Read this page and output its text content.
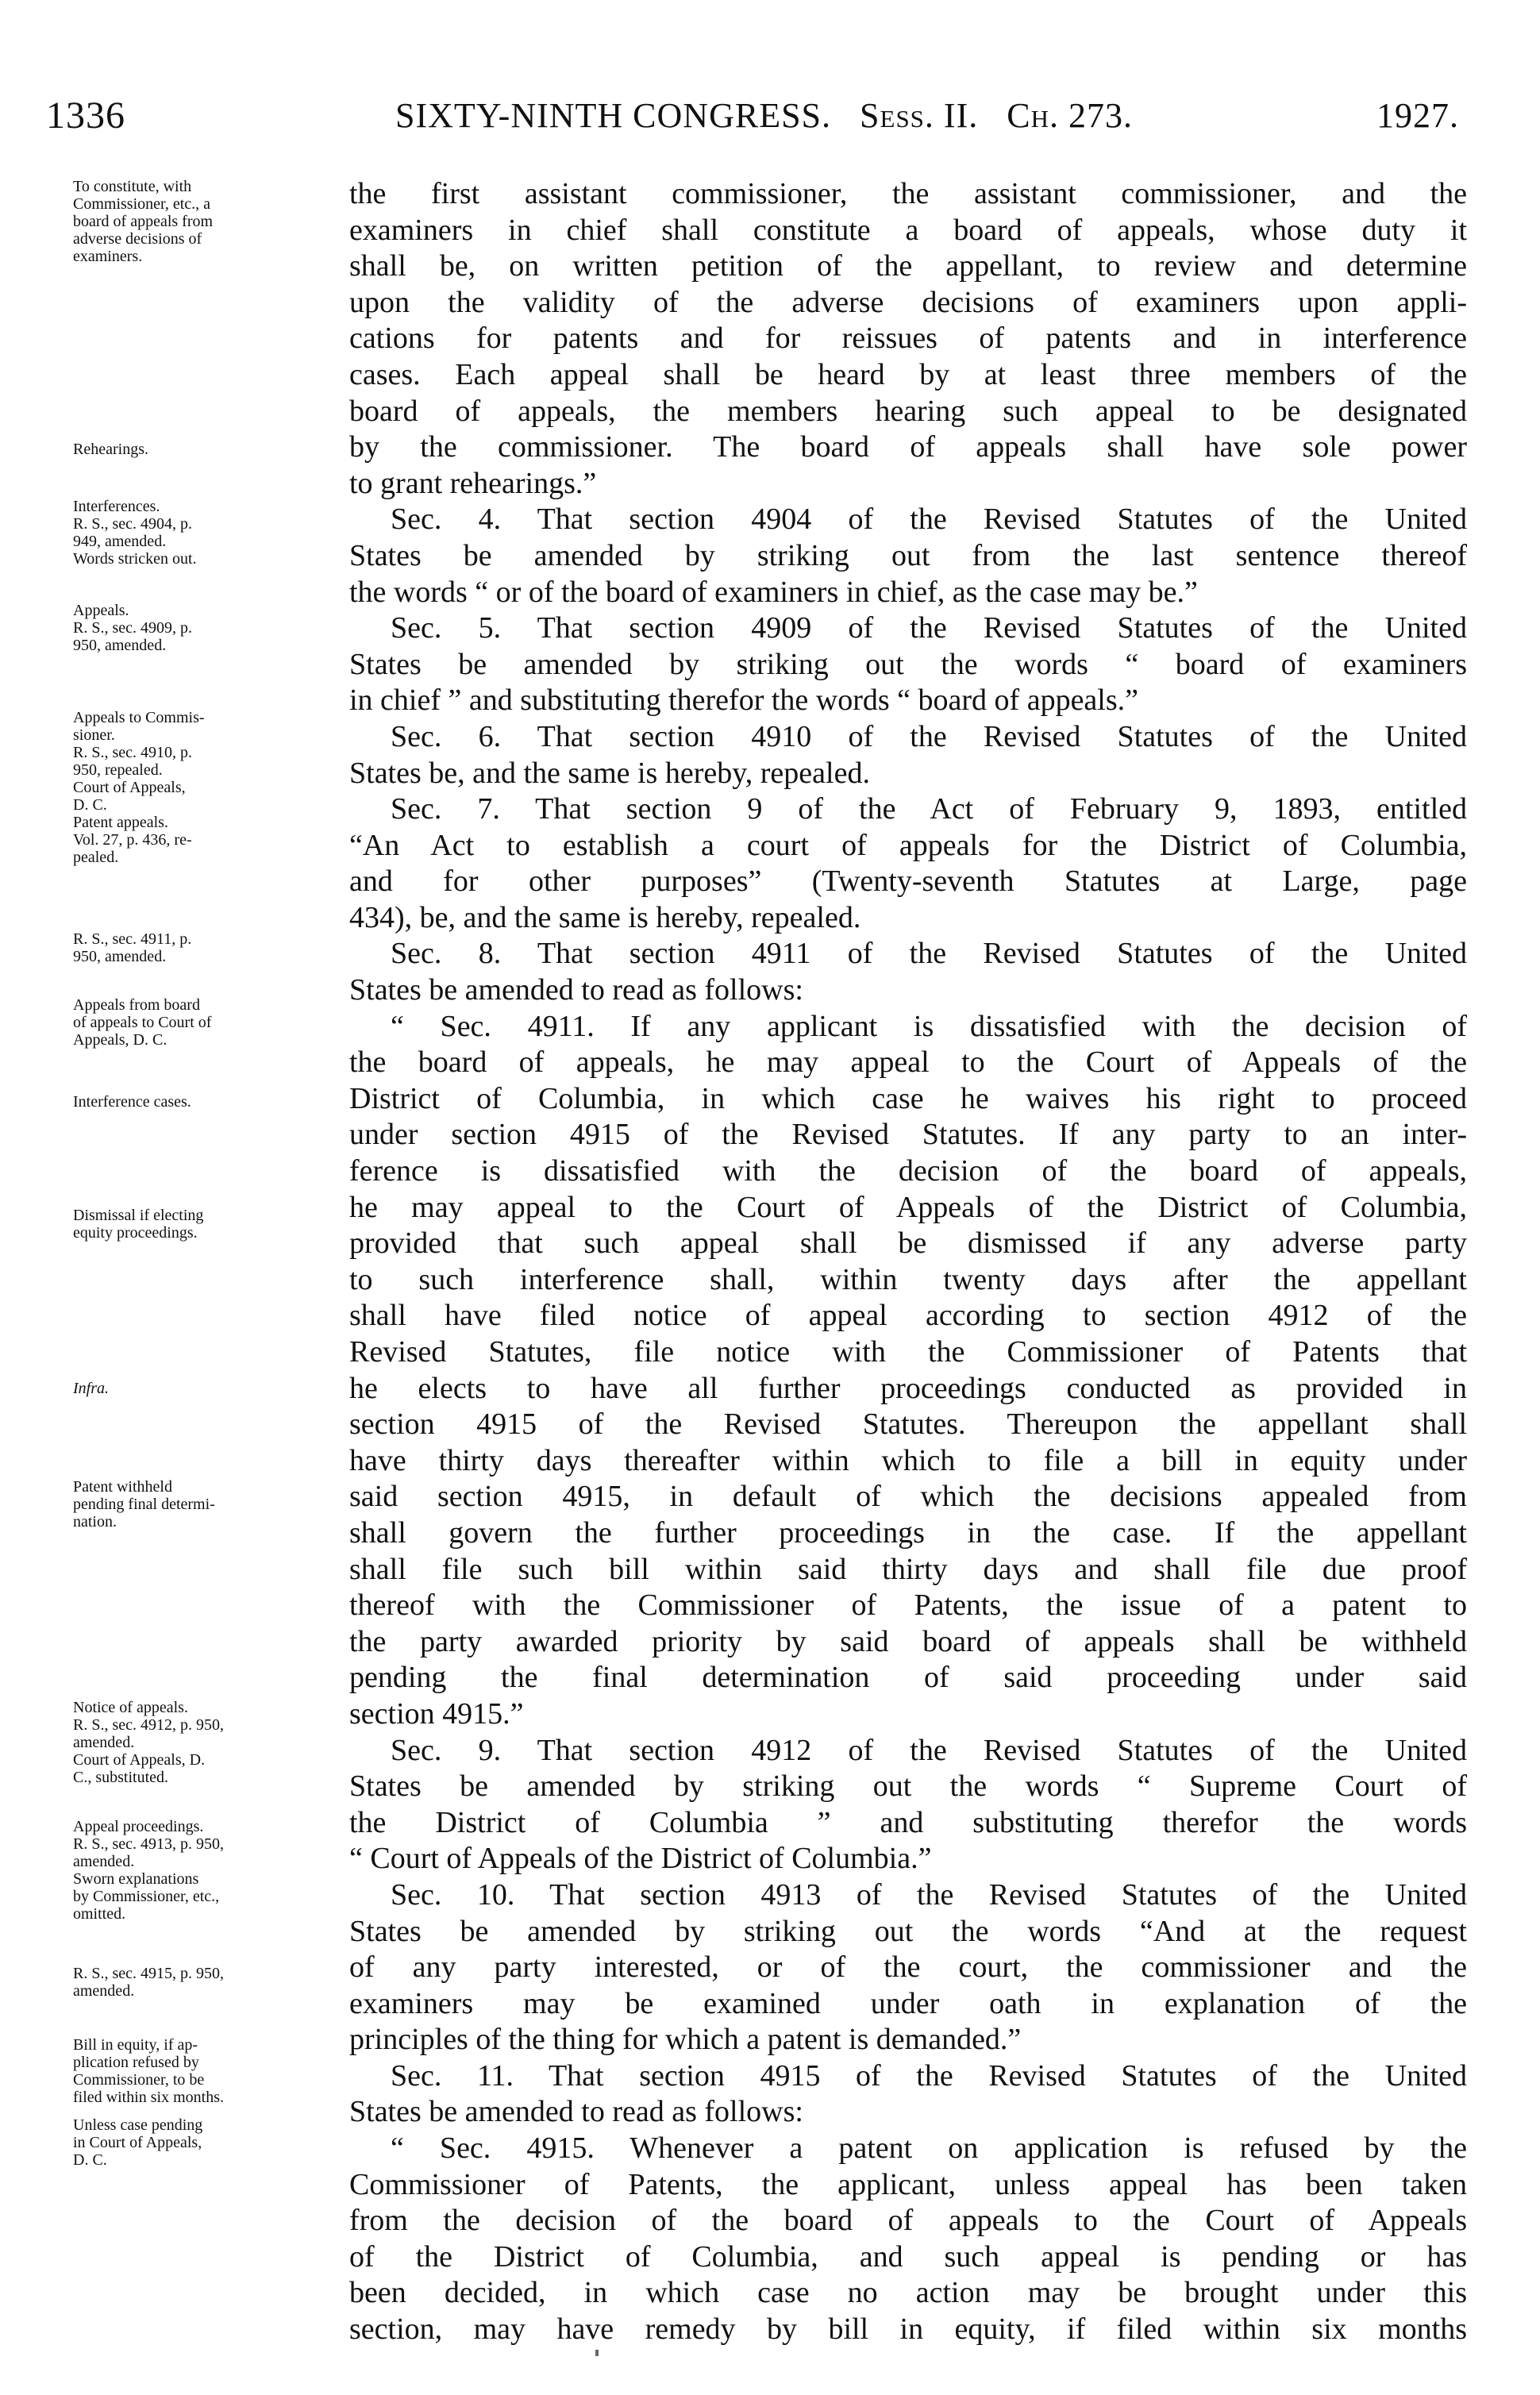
1336	SIXTY-NINTH CONGRESS. Sess. II. Ch. 273.	1927.
To constitute, with
Commissioner, etc., a
board of appeals from
adverse decisions of
examiners.
Rehearings.
Interferences.
R. S., sec. 4904, p.
949, amended.
Words stricken out.
Appeals.
R. S., sec. 4909, p.
950, amended.
Appeals to Commis-
sioner.
R. S., sec. 4910, p.
950, repealed.
Court of Appeals,
D. C.
Patent appeals.
Vol. 27, p. 436, re-
pealed.
R. S., sec. 4911, p.
950, amended.
Appeals from board
of appeals to Court of
Appeals, D. C.
Interference cases.
Dismissal if electing
equity proceedings.
Infra.
Patent withheld
pending final determi-
nation.
Notice of appeals.
R. S., sec. 4912, p. 950,
amended.
Court of Appeals, D.
C., substituted.
Appeal proceedings.
R. S., sec. 4913, p. 950,
amended.
Sworn explanations
by Commissioner, etc.,
omitted.
R. S., sec. 4915, p. 950,
amended.
Bill in equity, if ap-
plication refused by
Commissioner, to be
filed within six months.
Unless case pending
in Court of Appeals,
D. C.
the first assistant commissioner, the assistant commissioner, and the
examiners in chief shall constitute a board of appeals, whose duty it
shall be, on written petition of the appellant, to review and determine
upon the validity of the adverse decisions of examiners upon appli-
cations for patents and for reissues of patents and in interference
cases. Each appeal shall be heard by at least three members of the
board of appeals, the members hearing such appeal to be designated
by the commissioner. The board of appeals shall have sole power
to grant rehearings.”
Sec. 4. That section 4904 of the Revised Statutes of the United
States be amended by striking out from the last sentence thereof
the words “ or of the board of examiners in chief, as the case may be.”
Sec. 5. That section 4909 of the Revised Statutes of the United
States be amended by striking out the words “ board of examiners
in chief ” and substituting therefor the words “ board of appeals.”
Sec. 6. That section 4910 of the Revised Statutes of the United
States be, and the same is hereby, repealed.
Sec. 7. That section 9 of the Act of February 9, 1893, entitled
“An Act to establish a court of appeals for the District of Columbia,
and for other purposes” (Twenty-seventh Statutes at Large, page
434), be, and the same is hereby, repealed.
Sec. 8. That section 4911 of the Revised Statutes of the United
States be amended to read as follows:
“ Sec. 4911. If any applicant is dissatisfied with the decision of
the board of appeals, he may appeal to the Court of Appeals of the
District of Columbia, in which case he waives his right to proceed
under section 4915 of the Revised Statutes. If any party to an inter-
ference is dissatisfied with the decision of the board of appeals,
he may appeal to the Court of Appeals of the District of Columbia,
provided that such appeal shall be dismissed if any adverse party
to such interference shall, within twenty days after the appellant
shall have filed notice of appeal according to section 4912 of the
Revised Statutes, file notice with the Commissioner of Patents that
he elects to have all further proceedings conducted as provided in
section 4915 of the Revised Statutes. Thereupon the appellant shall
have thirty days thereafter within which to file a bill in equity under
said section 4915, in default of which the decisions appealed from
shall govern the further proceedings in the case. If the appellant
shall file such bill within said thirty days and shall file due proof
thereof with the Commissioner of Patents, the issue of a patent to
the party awarded priority by said board of appeals shall be withheld
pending the final determination of said proceeding under said
section 4915.”
Sec. 9. That section 4912 of the Revised Statutes of the United
States be amended by striking out the words “ Supreme Court of
the District of Columbia ” and substituting therefor the words
“ Court of Appeals of the District of Columbia.”
Sec. 10. That section 4913 of the Revised Statutes of the United
States be amended by striking out the words “And at the request
of any party interested, or of the court, the commissioner and the
examiners may be examined under oath in explanation of the
principles of the thing for which a patent is demanded.”
Sec. 11. That section 4915 of the Revised Statutes of the United
States be amended to read as follows:
“ Sec. 4915. Whenever a patent on application is refused by the
Commissioner of Patents, the applicant, unless appeal has been taken
from the decision of the board of appeals to the Court of Appeals
of the District of Columbia, and such appeal is pending or has
been decided, in which case no action may be brought under this
section, may have remedy by bill in equity, if filed within six months
